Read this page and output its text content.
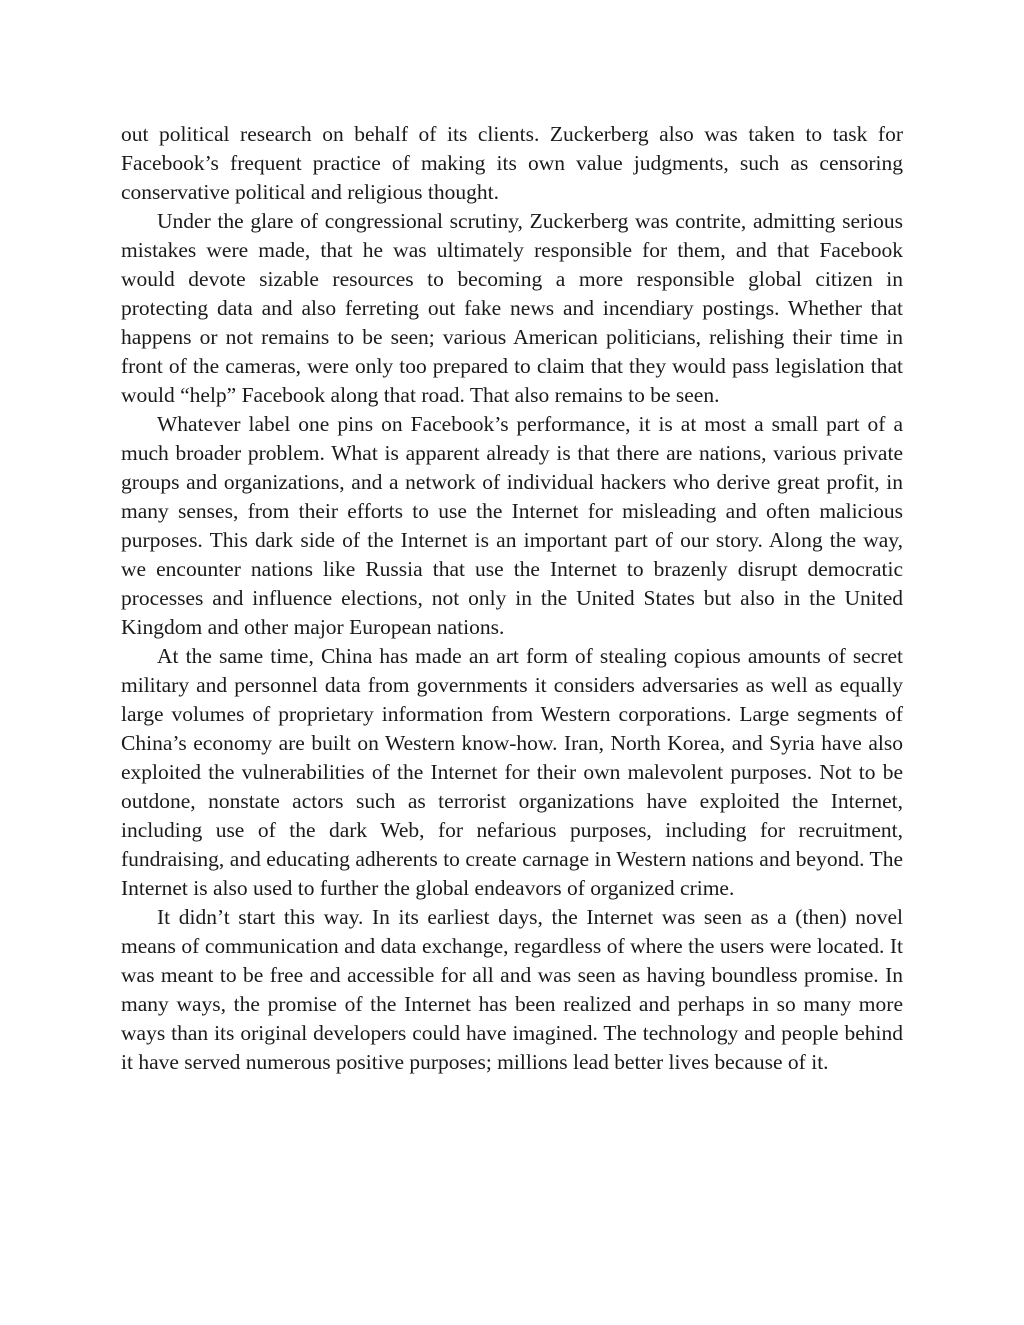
out political research on behalf of its clients. Zuckerberg also was taken to task for Facebook’s frequent practice of making its own value judgments, such as censoring conservative political and religious thought.

Under the glare of congressional scrutiny, Zuckerberg was contrite, admitting serious mistakes were made, that he was ultimately responsible for them, and that Facebook would devote sizable resources to becoming a more responsible global citizen in protecting data and also ferreting out fake news and incendiary postings. Whether that happens or not remains to be seen; various American politicians, relishing their time in front of the cameras, were only too prepared to claim that they would pass legislation that would “help” Facebook along that road. That also remains to be seen.

Whatever label one pins on Facebook’s performance, it is at most a small part of a much broader problem. What is apparent already is that there are nations, various private groups and organizations, and a network of individual hackers who derive great profit, in many senses, from their efforts to use the Internet for misleading and often malicious purposes. This dark side of the Internet is an important part of our story. Along the way, we encounter nations like Russia that use the Internet to brazenly disrupt democratic processes and influence elections, not only in the United States but also in the United Kingdom and other major European nations.

At the same time, China has made an art form of stealing copious amounts of secret military and personnel data from governments it considers adversaries as well as equally large volumes of proprietary information from Western corporations. Large segments of China’s economy are built on Western know-how. Iran, North Korea, and Syria have also exploited the vulnerabilities of the Internet for their own malevolent purposes. Not to be outdone, nonstate actors such as terrorist organizations have exploited the Internet, including use of the dark Web, for nefarious purposes, including for recruitment, fundraising, and educating adherents to create carnage in Western nations and beyond. The Internet is also used to further the global endeavors of organized crime.

It didn’t start this way. In its earliest days, the Internet was seen as a (then) novel means of communication and data exchange, regardless of where the users were located. It was meant to be free and accessible for all and was seen as having boundless promise. In many ways, the promise of the Internet has been realized and perhaps in so many more ways than its original developers could have imagined. The technology and people behind it have served numerous positive purposes; millions lead better lives because of it.
